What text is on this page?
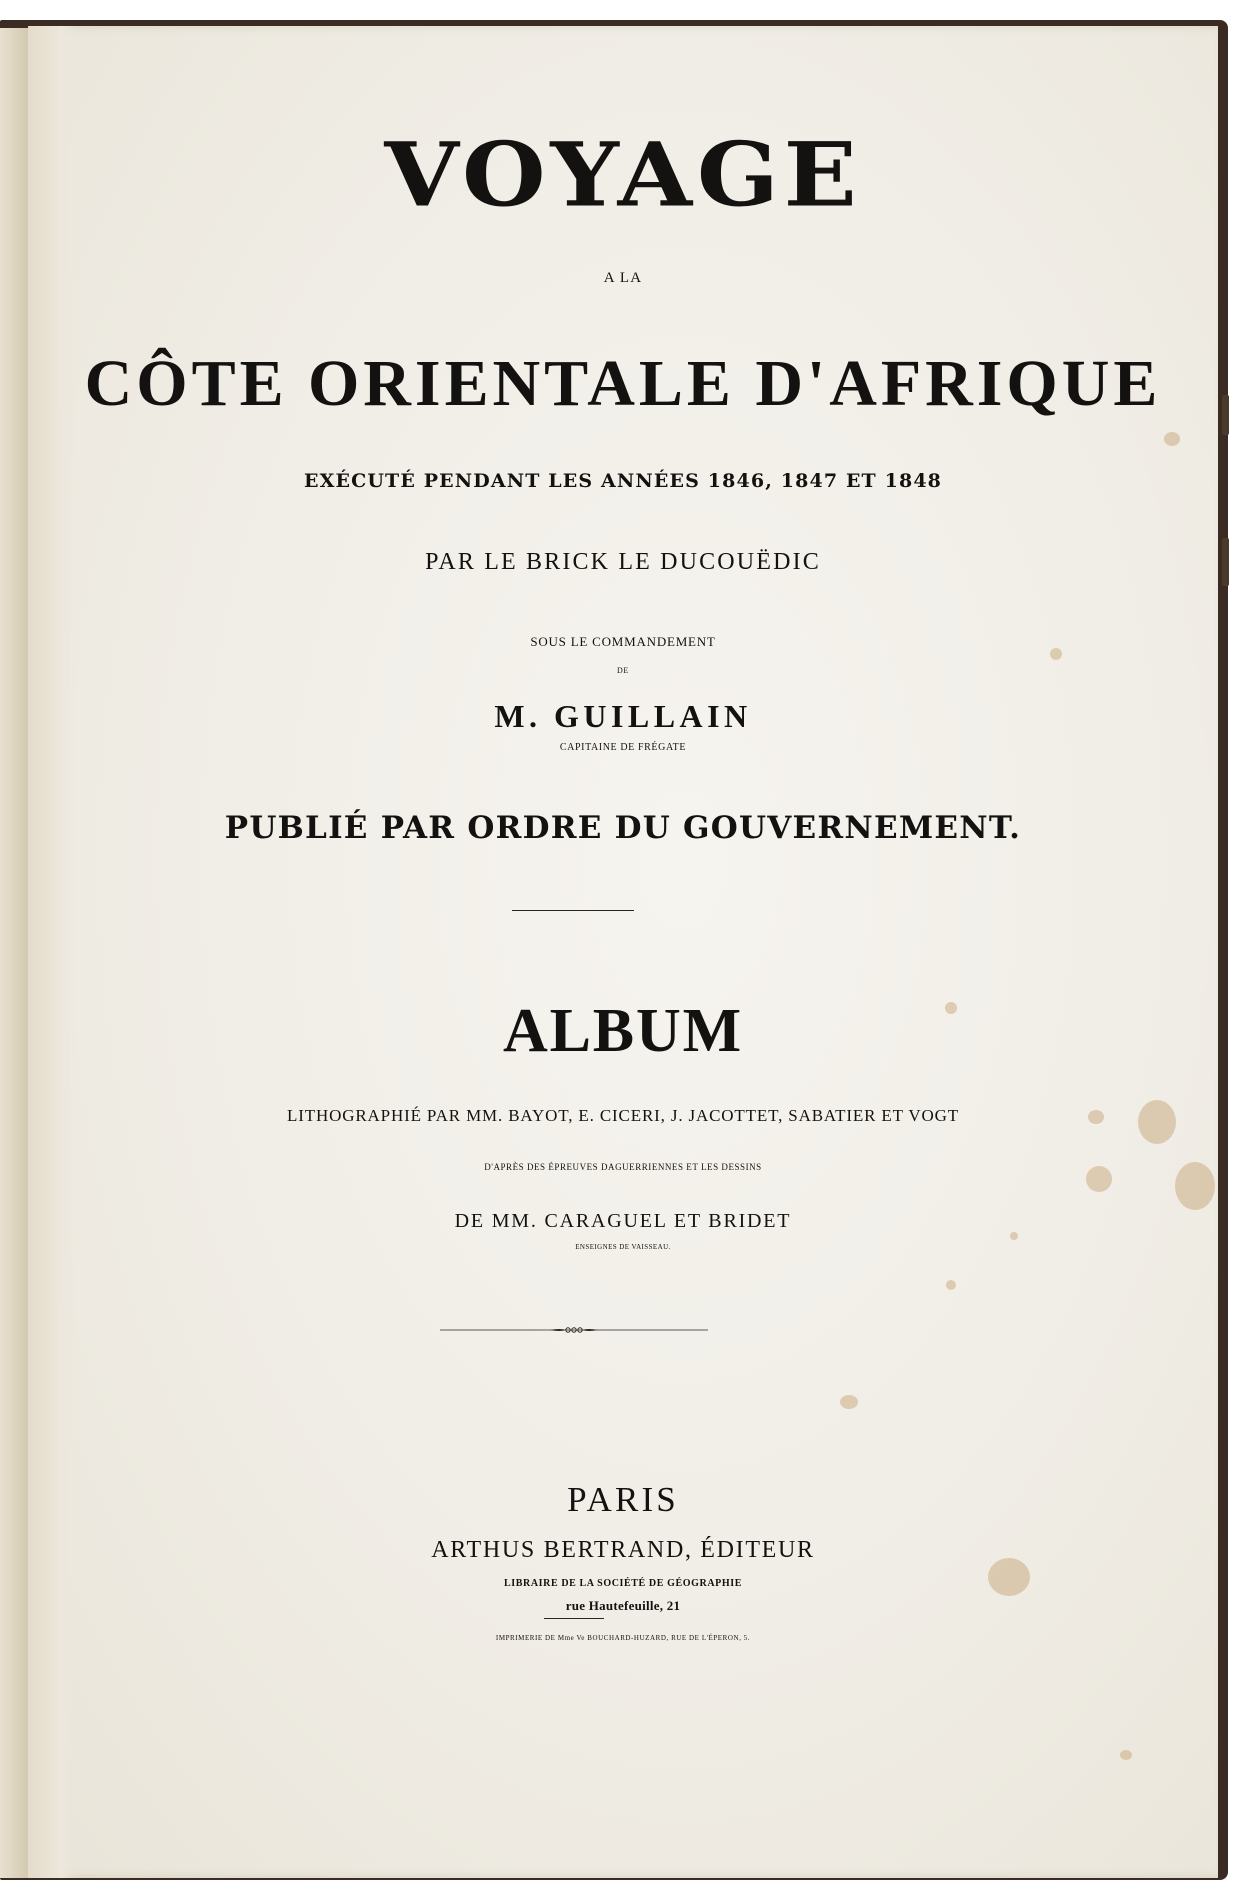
VOYAGE
A LA
CÔTE ORIENTALE D'AFRIQUE
EXÉCUTÉ PENDANT LES ANNÉES 1846, 1847 ET 1848
PAR LE BRICK LE DUCOUËDIC
SOUS LE COMMANDEMENT
DE
M. GUILLAIN
CAPITAINE DE FRÉGATE
PUBLIÉ PAR ORDRE DU GOUVERNEMENT.
ALBUM
LITHOGRAPHIÉ PAR MM. BAYOT, E. CICERI, J. JACOTTET, SABATIER ET VOGT
D'APRÈS DES ÉPREUVES DAGUERRIENNES ET LES DESSINS
DE MM. CARAGUEL ET BRIDET
ENSEIGNES DE VAISSEAU.
PARIS
ARTHUS BERTRAND, ÉDITEUR
LIBRAIRE DE LA SOCIÉTÉ DE GÉOGRAPHIE
rue Hautefeuille, 21
IMPRIMERIE DE Mme Ve BOUCHARD-HUZARD, RUE DE L'ÉPERON, 5.
